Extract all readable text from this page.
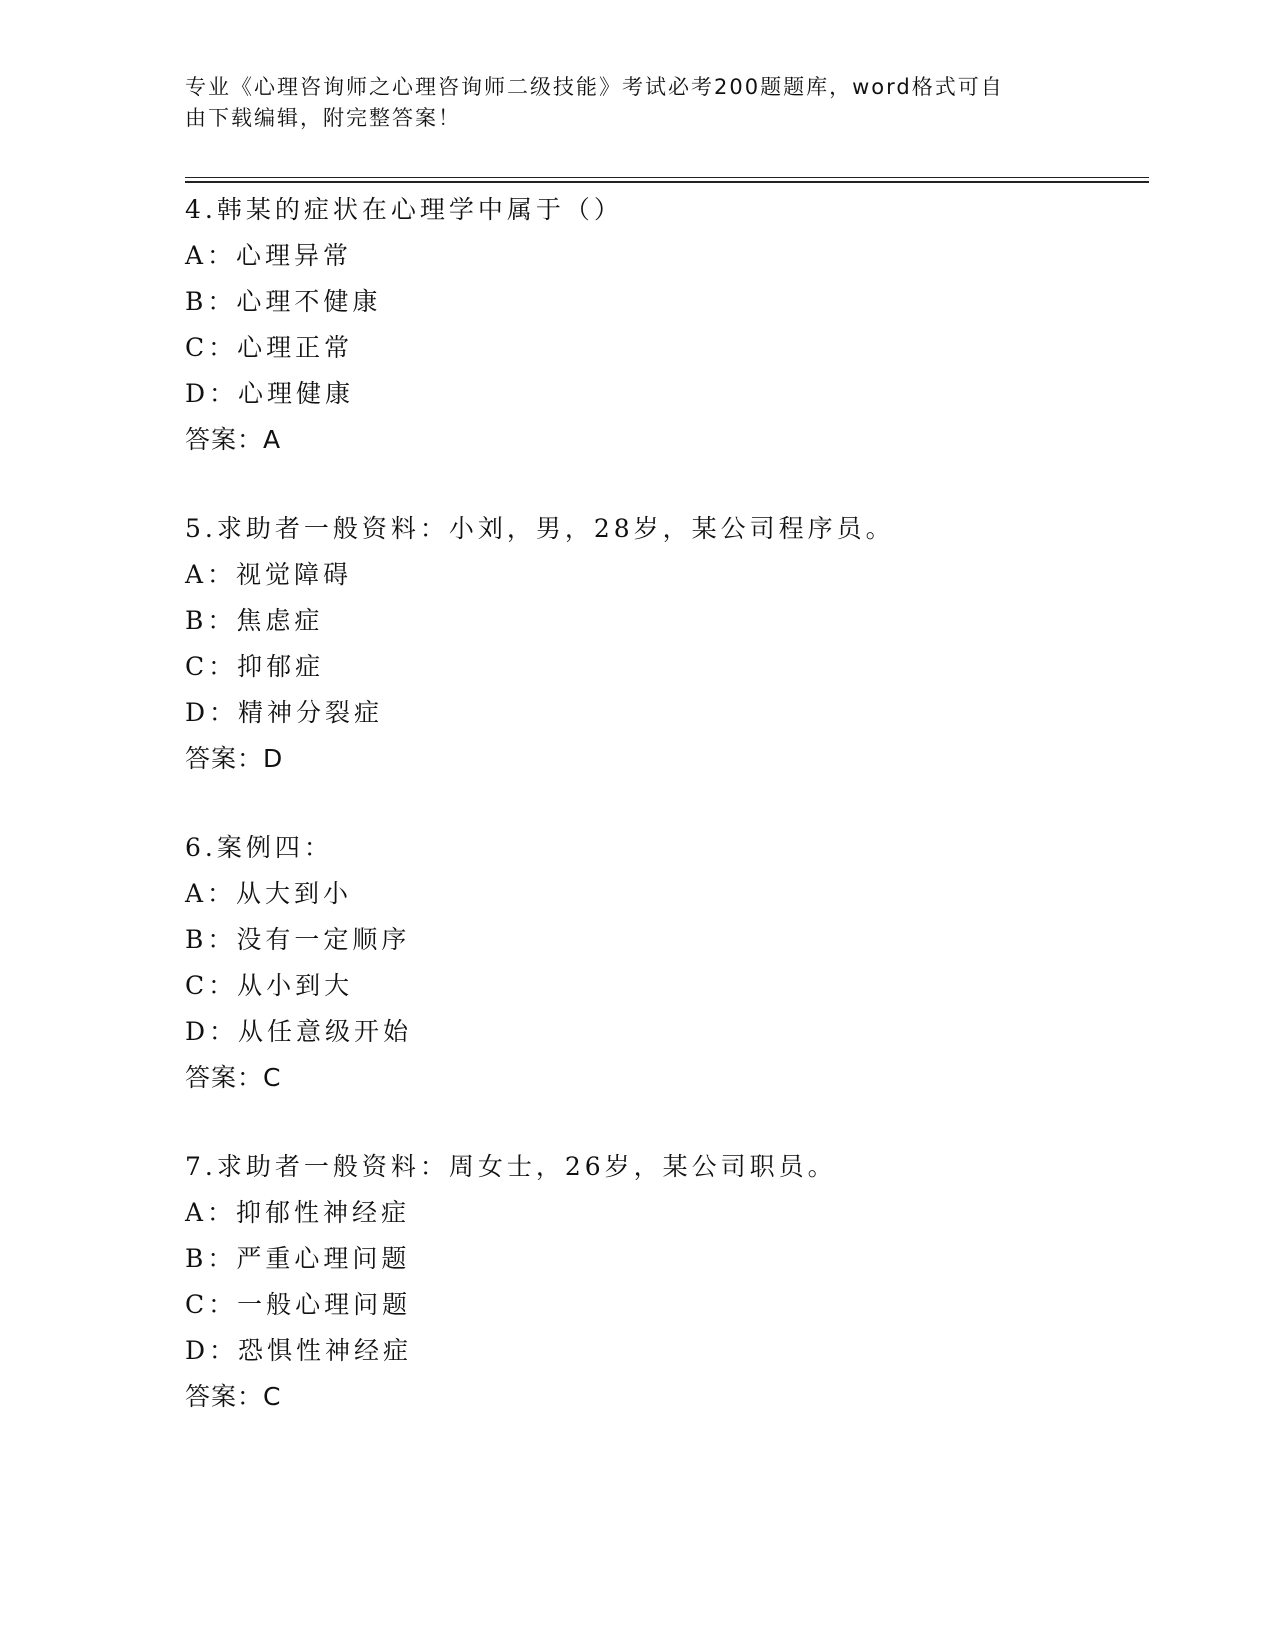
专业《心理咨询师之心理咨询师二级技能》考试必考200题题库，word格式可自
由下载编辑，附完整答案！
4.韩某的症状在心理学中属于（）
A：心理异常
B：心理不健康
C：心理正常
D：心理健康
答案：A
5.求助者一般资料：小刘，男，28岁，某公司程序员。
A：视觉障碍
B：焦虑症
C：抑郁症
D：精神分裂症
答案：D
6.案例四：
A：从大到小
B：没有一定顺序
C：从小到大
D：从任意级开始
答案：C
7.求助者一般资料：周女士，26岁，某公司职员。
A：抑郁性神经症
B：严重心理问题
C：一般心理问题
D：恐惧性神经症
答案：C
